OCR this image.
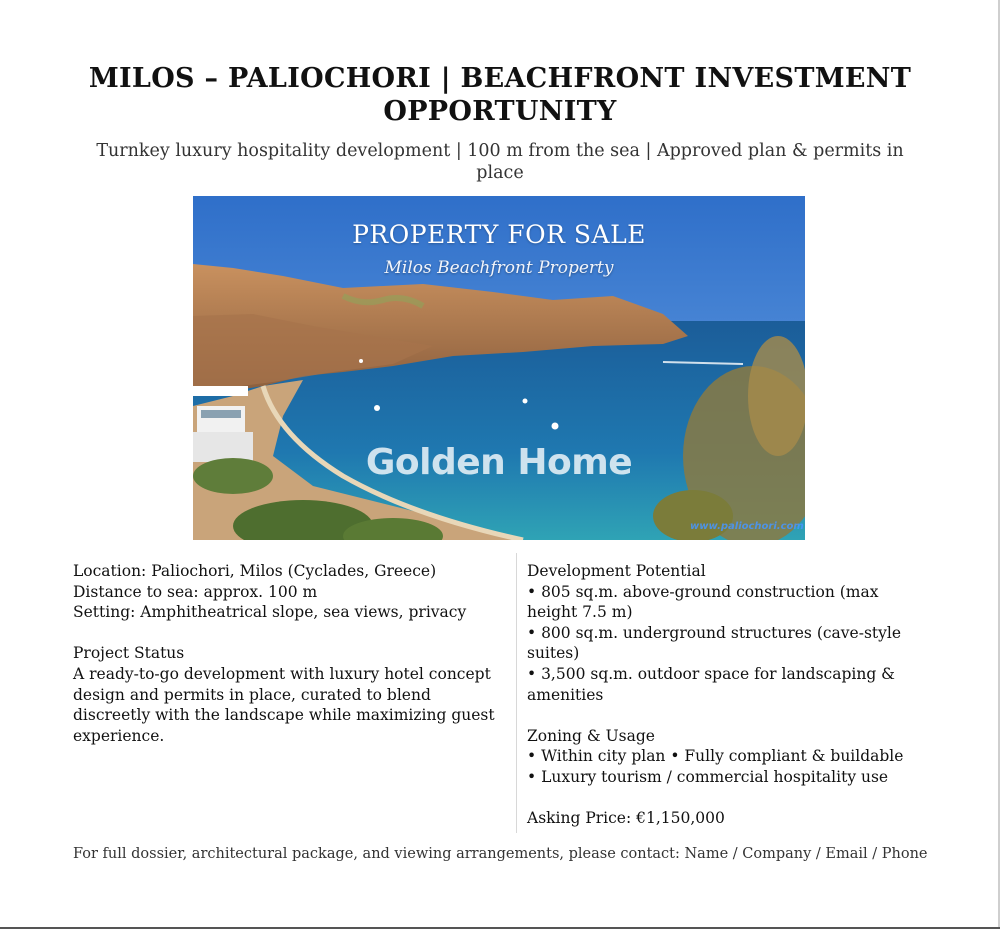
MILOS – PALIOCHORI | BEACHFRONT INVESTMENT OPPORTUNITY

Turnkey luxury hospitality development | 100 m from the sea | Approved plan & permits in place

PROPERTY FOR SALE
Milos Beachfront Property
Golden Home
www.paliochori.com
Location: Paliochori, Milos (Cyclades, Greece)
Distance to sea: approx. 100 m
Setting: Amphitheatrical slope, sea views, privacy
Project Status
A ready-to-go development with luxury hotel concept design and permits in place, curated to blend discreetly with the landscape while maximizing guest experience.
Development Potential
• 805 sq.m. above-ground construction (max height 7.5 m)
• 800 sq.m. underground structures (cave-style suites)
• 3,500 sq.m. outdoor space for landscaping & amenities
Zoning & Usage
• Within city plan • Fully compliant & buildable
• Luxury tourism / commercial hospitality use
Asking Price: €1,150,000
For full dossier, architectural package, and viewing arrangements, please contact: Name / Company / Email / Phone
